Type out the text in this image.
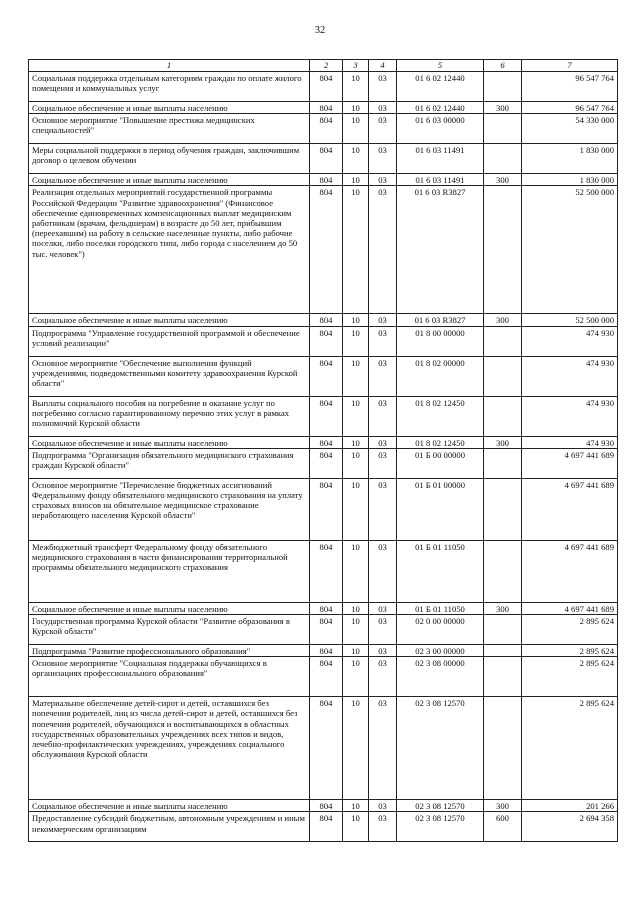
32
1	2	3	4	5	6	7
Социальная поддержка отдельным категориям граждан по оплате жилого помещения и коммунальных услуг	804	10	03	01 6 02 12440		96 547 764
Социальное обеспечение и иные выплаты населению	804	10	03	01 6 02 12440	300	96 547 764
Основное мероприятие "Повышение престижа медицинских специальностей"	804	10	03	01 6 03 00000		54 330 000
Меры социальной поддержки в период обучения граждан, заключившим договор о целевом обучении	804	10	03	01 6 03 11491		1 830 000
Социальное обеспечение и иные выплаты населению	804	10	03	01 6 03 11491	300	1 830 000
Реализация отдельных мероприятий государственной программы Российской Федерации "Развитие здравоохранения" (Финансовое обеспечение единовременных компенсационных выплат медицинским работникам (врачам, фельдшерам) в возрасте до 50 лет, прибывшим (переехавшим) на работу в сельские населенные пункты, либо рабочие поселки, либо поселки городского типа, либо города с населением до 50 тыс. человек")	804	10	03	01 6 03 R3827		52 500 000
Социальное обеспечение и иные выплаты населению	804	10	03	01 6 03 R3827	300	52 500 000
Подпрограмма "Управление государственной программой и обеспечение условий реализации"	804	10	03	01 8 00 00000		474 930
Основное мероприятие "Обеспечение выполнения функций учреждениями, подведомственными комитету здравоохранения Курской области"	804	10	03	01 8 02 00000		474 930
Выплаты социального пособия на погребение и оказание услуг по погребению согласно гарантированному перечню этих услуг в рамках полномочий Курской области	804	10	03	01 8 02 12450		474 930
Социальное обеспечение и иные выплаты населению	804	10	03	01 8 02 12450	300	474 930
Подпрограмма "Организация обязательного медицинского страхования граждан Курской области"	804	10	03	01 Б 00 00000		4 697 441 689
Основное мероприятие "Перечисление бюджетных ассигнований Федеральному фонду обязательного медицинского страхования на уплату страховых взносов на обязательное медицинское страхование неработающего населения Курской области"	804	10	03	01 Б 01 00000		4 697 441 689
Межбюджетный трансферт Федеральному фонду обязательного медицинского страхования в части финансирования территориальной программы обязательного медицинского страхования	804	10	03	01 Б 01 11050		4 697 441 689
Социальное обеспечение и иные выплаты населению	804	10	03	01 Б 01 11050	300	4 697 441 689
Государственная программа Курской области "Развитие образования в Курской области"	804	10	03	02 0 00 00000		2 895 624
Подпрограмма "Развитие профессионального образования"	804	10	03	02 3 00 00000		2 895 624
Основное мероприятие "Социальная поддержка обучающихся в организациях профессионального образования"	804	10	03	02 3 08 00000		2 895 624
Материальное обеспечение детей-сирот и детей, оставшихся без попечения родителей, лиц из числа детей-сирот и детей, оставшихся без попечения родителей, обучающихся и воспитывающихся в областных государственных образовательных учреждениях всех типов и видов, лечебно-профилактических учреждениях, учреждениях социального обслуживания Курской области	804	10	03	02 3 08 12570		2 895 624
Социальное обеспечение и иные выплаты населению	804	10	03	02 3 08 12570	300	201 266
Предоставление субсидий бюджетным, автономным учреждениям и иным некоммерческим организациям	804	10	03	02 3 08 12570	600	2 694 358
